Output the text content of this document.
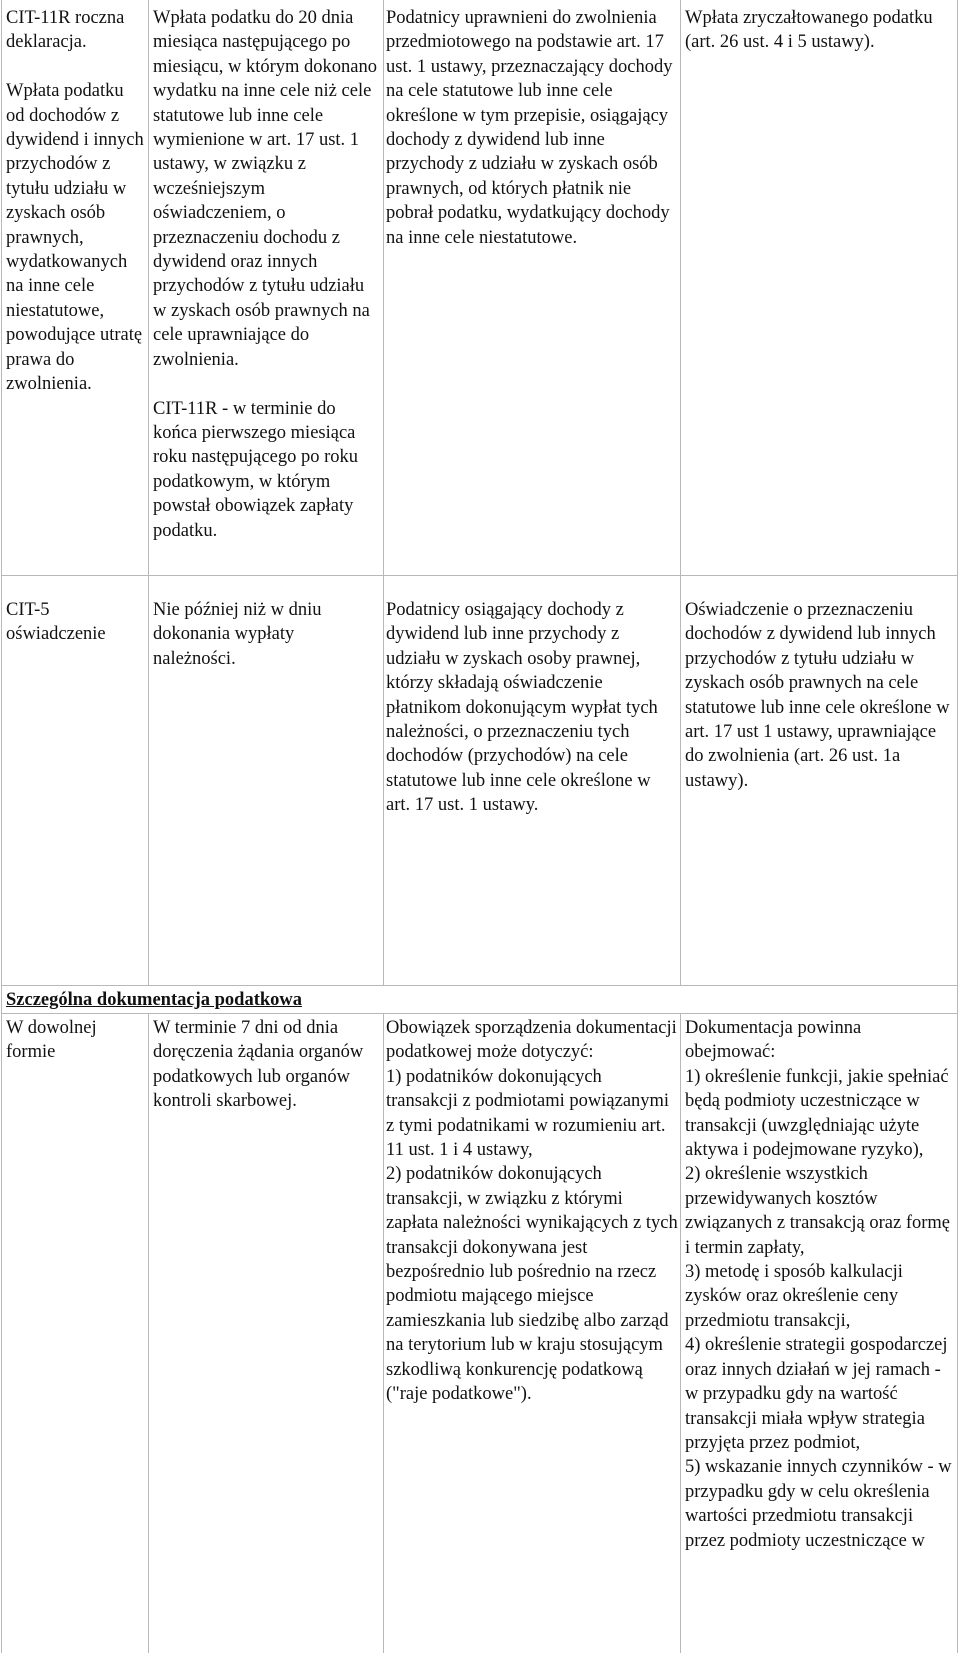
CIT-11R roczna deklaracja.

Wpłata podatku od dochodów z dywidend i innych przychodów z tytułu udziału w zyskach osób prawnych, wydatkowanych na inne cele niestatutowe, powodujące utratę prawa do zwolnienia.
Wpłata podatku do 20 dnia miesiąca następującego po miesiącu, w którym dokonano wydatku na inne cele niż cele statutowe lub inne cele wymienione w art. 17 ust. 1 ustawy, w związku z wcześniejszym oświadczeniem, o przeznaczeniu dochodu z dywidend oraz innych przychodów z tytułu udziału w zyskach osób prawnych na cele uprawniające do zwolnienia.

CIT-11R - w terminie do końca pierwszego miesiąca roku następującego po roku podatkowym, w którym powstał obowiązek zapłaty podatku.
Podatnicy uprawnieni do zwolnienia przedmiotowego na podstawie art. 17 ust. 1 ustawy, przeznaczający dochody na cele statutowe lub inne cele określone w tym przepisie, osiągający dochody z dywidend lub inne przychody z udziału w zyskach osób prawnych, od których płatnik nie pobrał podatku, wydatkujący dochody na inne cele niestatutowe.
Wpłata zryczałtowanego podatku (art. 26 ust. 4 i 5 ustawy).
CIT-5
oświadczenie
Nie później niż w dniu dokonania wypłaty należności.
Podatnicy osiągający dochody z dywidend lub inne przychody z udziału w zyskach osoby prawnej, którzy składają oświadczenie płatnikom dokonującym wypłat tych należności, o przeznaczeniu tych dochodów (przychodów) na cele statutowe lub inne cele określone w art. 17 ust. 1 ustawy.
Oświadczenie o przeznaczeniu dochodów z dywidend lub innych przychodów z tytułu udziału w zyskach osób prawnych na cele statutowe lub inne cele określone w art. 17 ust 1 ustawy, uprawniające do zwolnienia (art. 26 ust. 1a ustawy).
Szczególna dokumentacja podatkowa
W dowolnej formie
W terminie 7 dni od dnia doręczenia żądania organów podatkowych lub organów kontroli skarbowej.
Obowiązek sporządzenia dokumentacji podatkowej może dotyczyć:
1) podatników dokonujących transakcji z podmiotami powiązanymi z tymi podatnikami w rozumieniu art. 11 ust. 1 i 4 ustawy,
2) podatników dokonujących transakcji, w związku z którymi zapłata należności wynikających z tych transakcji dokonywana jest bezpośrednio lub pośrednio na rzecz podmiotu mającego miejsce zamieszkania lub siedzibę albo zarząd na terytorium lub w kraju stosującym szkodliwą konkurencję podatkową ("raje podatkowe").
Dokumentacja powinna obejmować:
1) określenie funkcji, jakie spełniać będą podmioty uczestniczące w transakcji (uwzględniając użyte aktywa i podejmowane ryzyko),
2) określenie wszystkich przewidywanych kosztów związanych z transakcją oraz formę i termin zapłaty,
3) metodę i sposób kalkulacji zysków oraz określenie ceny przedmiotu transakcji,
4) określenie strategii gospodarczej oraz innych działań w jej ramach - w przypadku gdy na wartość transakcji miała wpływ strategia przyjęta przez podmiot,
5) wskazanie innych czynników - w przypadku gdy w celu określenia wartości przedmiotu transakcji przez podmioty uczestniczące w
